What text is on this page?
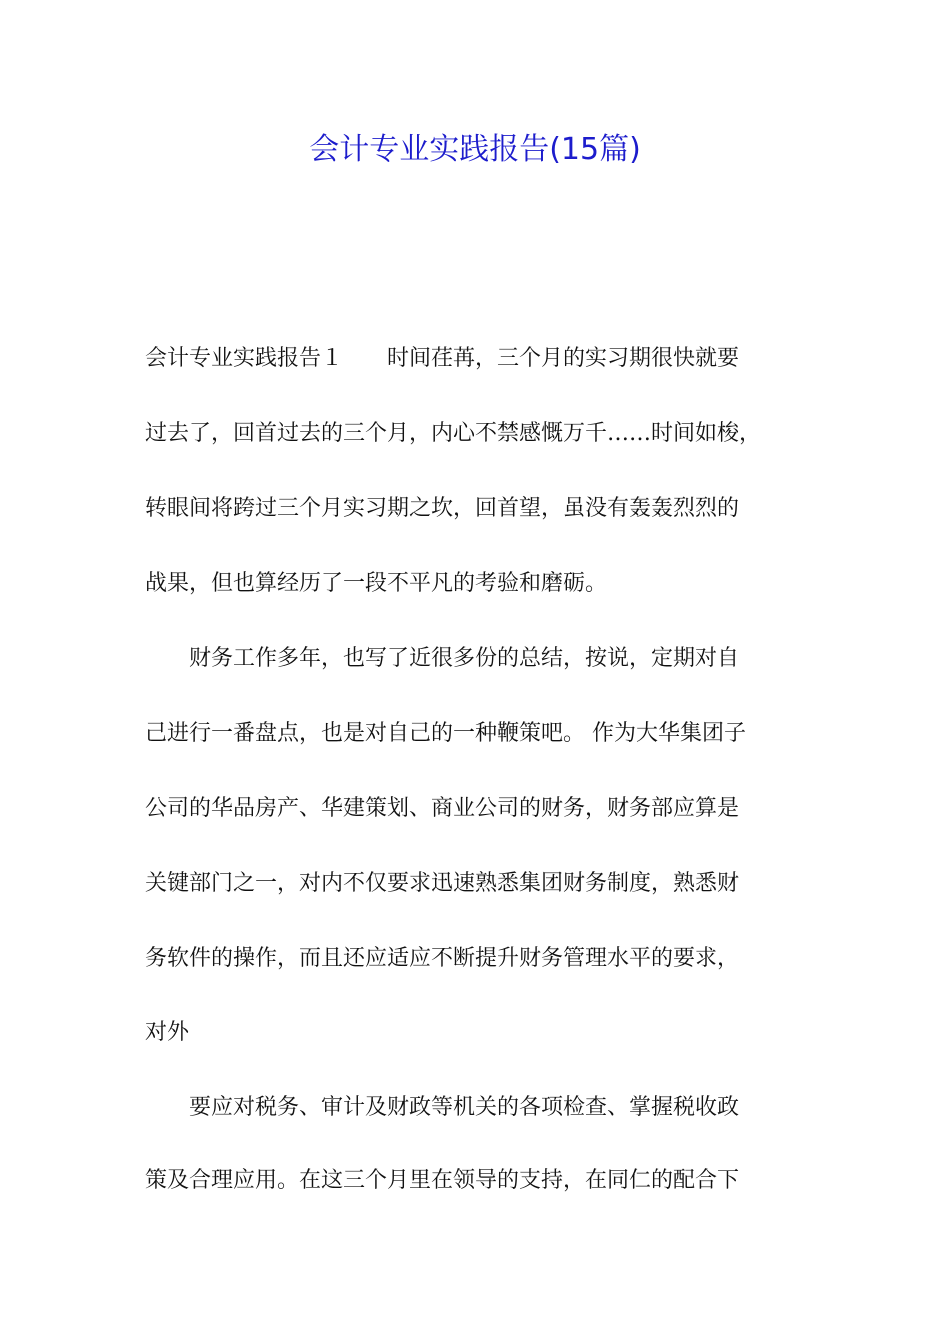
会计专业实践报告(15篇)
会计专业实践报告１　　时间荏苒，三个月的实习期很快就要
过去了，回首过去的三个月，内心不禁感慨万千……时间如梭，
转眼间将跨过三个月实习期之坎，回首望，虽没有轰轰烈烈的
战果，但也算经历了一段不平凡的考验和磨砺。
　　财务工作多年，也写了近很多份的总结，按说，定期对自
己进行一番盘点，也是对自己的一种鞭策吧。 作为大华集团子
公司的华品房产、华建策划、商业公司的财务，财务部应算是
关键部门之一，对内不仅要求迅速熟悉集团财务制度，熟悉财
务软件的操作，而且还应适应不断提升财务管理水平的要求，
对外
　　要应对税务、审计及财政等机关的各项检查、掌握税收政
策及合理应用。在这三个月里在领导的支持，在同仁的配合下
